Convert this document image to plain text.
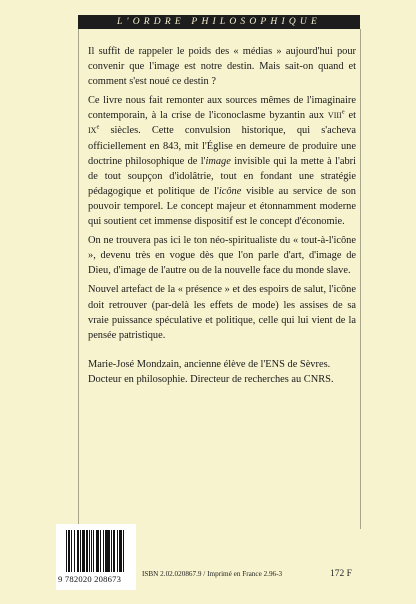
L'ORDRE PHILOSOPHIQUE

Il suffit de rappeler le poids des « médias » aujourd'hui pour convenir que l'image est notre destin. Mais sait-on quand et comment s'est noué ce destin ?

Ce livre nous fait remonter aux sources mêmes de l'imaginaire contemporain, à la crise de l'iconoclasme byzantin aux VIIIe et IXe siècles. Cette convulsion historique, qui s'acheva officiellement en 843, mit l'Église en demeure de produire une doctrine philosophique de l'image invisible qui la mette à l'abri de tout soupçon d'idolâtrie, tout en fondant une stratégie pédagogique et politique de l'icône visible au service de son pouvoir temporel. Le concept majeur et étonnamment moderne qui soutient cet immense dispositif est le concept d'économie.

On ne trouvera pas ici le ton néo-spiritualiste du « tout-à-l'icône », devenu très en vogue dès que l'on parle d'art, d'image de Dieu, d'image de l'autre ou de la nouvelle face du monde slave.

Nouvel artefact de la « présence » et des espoirs de salut, l'icône doit retrouver (par-delà les effets de mode) les assises de sa vraie puissance spéculative et politique, celle qui lui vient de la pensée patristique.

Marie-José Mondzain, ancienne élève de l'ENS de Sèvres. Docteur en philosophie. Directeur de recherches au CNRS.

9 782020 208673	ISBN 2.02.020867.9 / Imprimé en France 2.96-3	172 F
